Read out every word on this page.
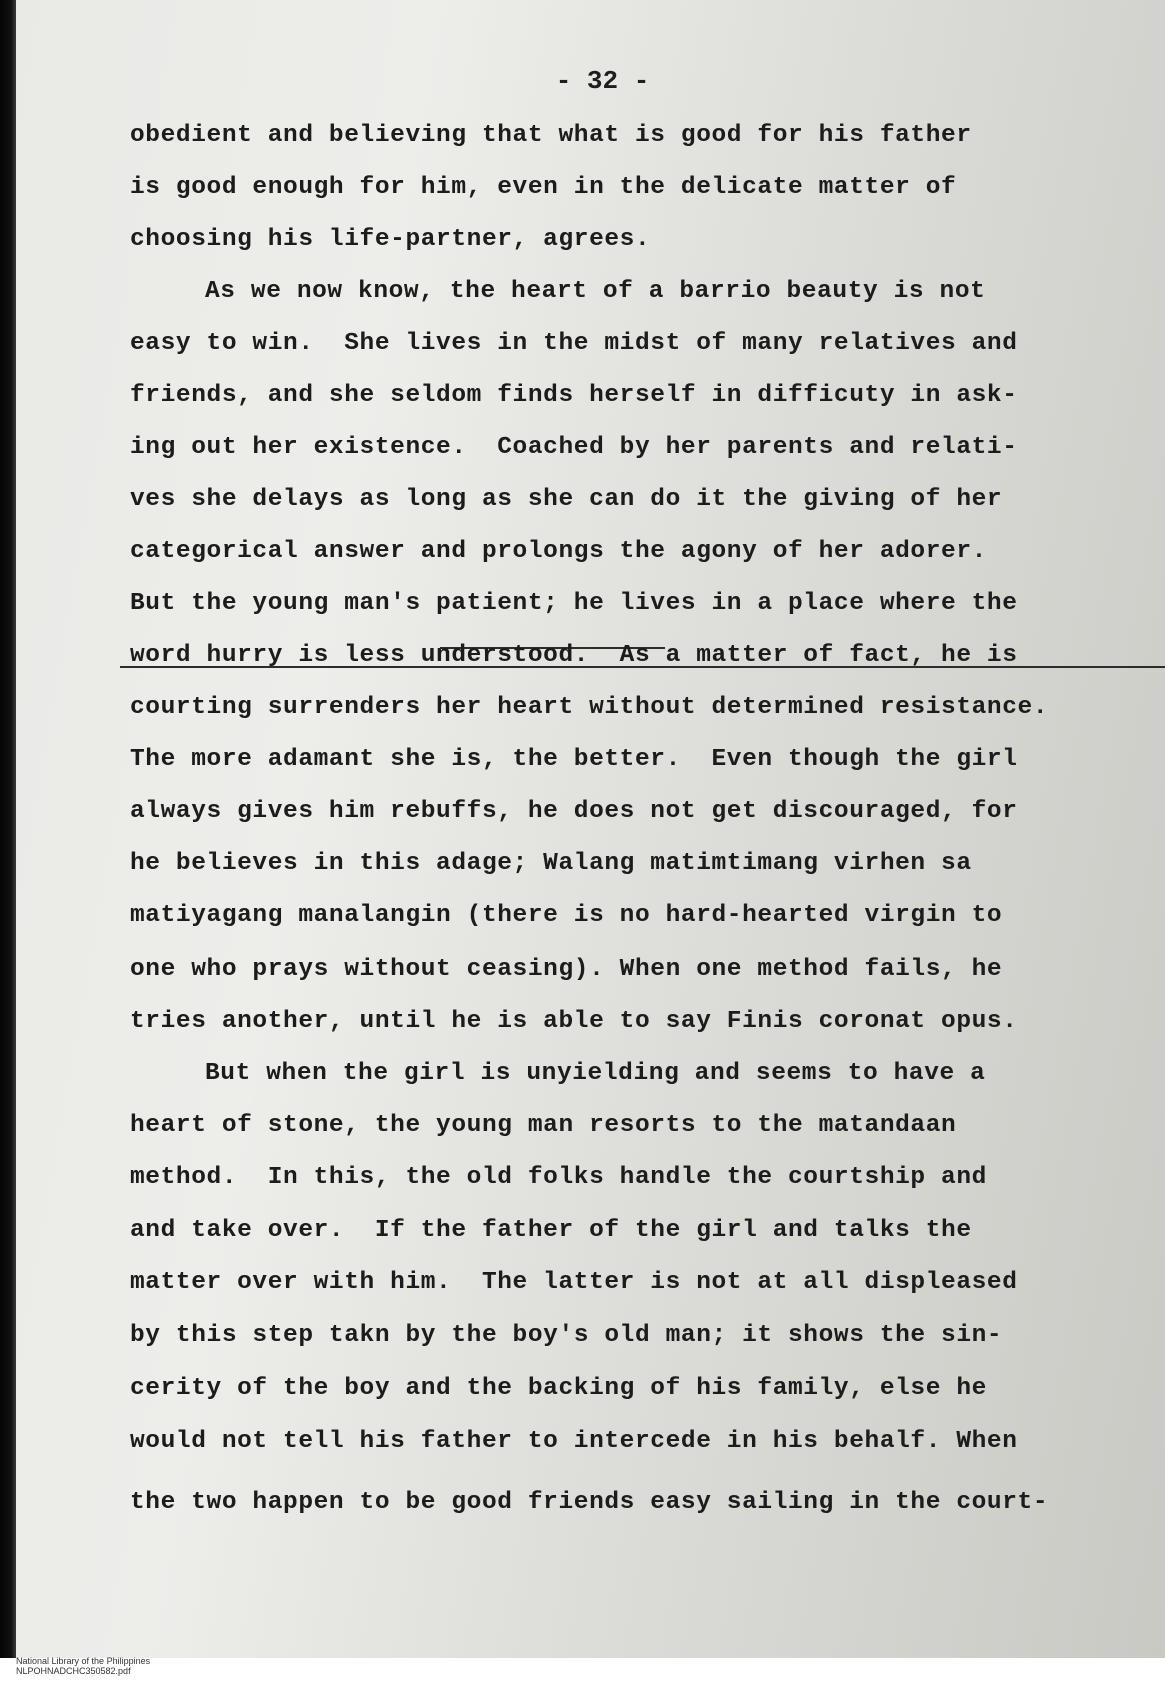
- 32 -
obedient and believing that what is good for his father
is good enough for him, even in the delicate matter of
choosing his life-partner, agrees.
As we now know, the heart of a barrio beauty is not
easy to win.  She lives in the midst of many relatives and
friends, and she seldom finds herself in difficuty in ask-
ing out her existence.  Coached by her parents and relati-
ves she delays as long as she can do it the giving of her
categorical answer and prolongs the agony of her adorer.
But the young man's patient; he lives in a place where the
word hurry is less understood.  As a matter of fact, he is
courting surrenders her heart without determined resistance.
The more adamant she is, the better.  Even though the girl
always gives him rebuffs, he does not get discouraged, for
he believes in this adage; Walang matimtimang virhen sa
matiyagang manalangin (there is no hard-hearted virgin to
one who prays without ceasing). When one method fails, he
tries another, until he is able to say Finis coronat opus.
But when the girl is unyielding and seems to have a
heart of stone, the young man resorts to the matandaan
method.  In this, the old folks handle the courtship and
and take over.  If the father of the girl and talks the
matter over with him.  The latter is not at all displeased
by this step takn by the boy's old man; it shows the sin-
cerity of the boy and the backing of his family, else he
would not tell his father to intercede in his behalf. When
the two happen to be good friends easy sailing in the court-

National Library of the Philippines
NLPOHNADCHC350582.pdf
